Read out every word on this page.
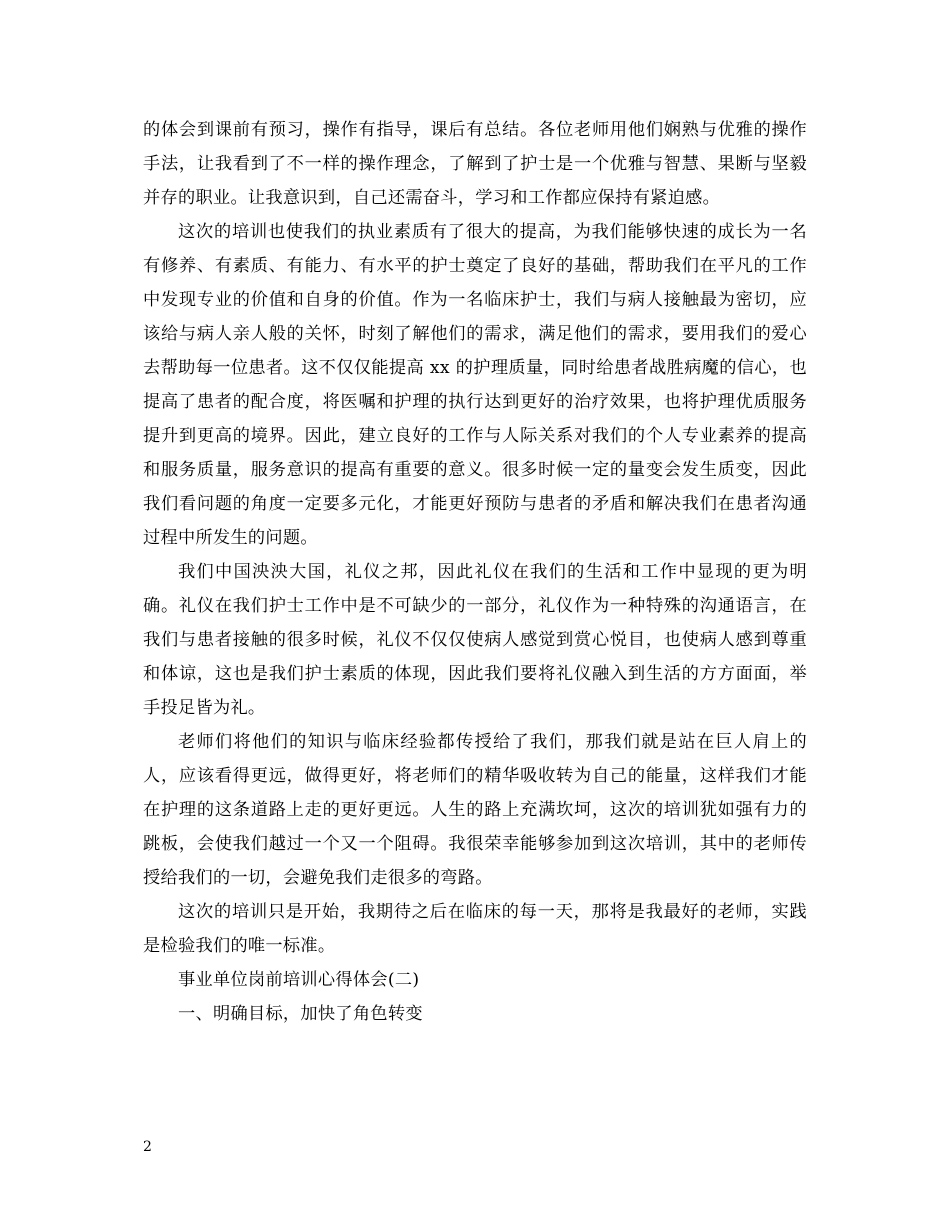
的体会到课前有预习，操作有指导，课后有总结。各位老师用他们娴熟与优雅的操作手法，让我看到了不一样的操作理念，了解到了护士是一个优雅与智慧、果断与坚毅并存的职业。让我意识到，自己还需奋斗，学习和工作都应保持有紧迫感。

这次的培训也使我们的执业素质有了很大的提高，为我们能够快速的成长为一名有修养、有素质、有能力、有水平的护士奠定了良好的基础，帮助我们在平凡的工作中发现专业的价值和自身的价值。作为一名临床护士，我们与病人接触最为密切，应该给与病人亲人般的关怀，时刻了解他们的需求，满足他们的需求，要用我们的爱心去帮助每一位患者。这不仅仅能提高 xx 的护理质量，同时给患者战胜病魔的信心，也提高了患者的配合度，将医嘱和护理的执行达到更好的治疗效果，也将护理优质服务提升到更高的境界。因此，建立良好的工作与人际关系对我们的个人专业素养的提高和服务质量，服务意识的提高有重要的意义。很多时候一定的量变会发生质变，因此我们看问题的角度一定要多元化，才能更好预防与患者的矛盾和解决我们在患者沟通过程中所发生的问题。

我们中国泱泱大国，礼仪之邦，因此礼仪在我们的生活和工作中显现的更为明确。礼仪在我们护士工作中是不可缺少的一部分，礼仪作为一种特殊的沟通语言，在我们与患者接触的很多时候，礼仪不仅仅使病人感觉到赏心悦目，也使病人感到尊重和体谅，这也是我们护士素质的体现，因此我们要将礼仪融入到生活的方方面面，举手投足皆为礼。

老师们将他们的知识与临床经验都传授给了我们，那我们就是站在巨人肩上的人，应该看得更远，做得更好，将老师们的精华吸收转为自己的能量，这样我们才能在护理的这条道路上走的更好更远。人生的路上充满坎坷，这次的培训犹如强有力的跳板，会使我们越过一个又一个阻碍。我很荣幸能够参加到这次培训，其中的老师传授给我们的一切，会避免我们走很多的弯路。

这次的培训只是开始，我期待之后在临床的每一天，那将是我最好的老师，实践是检验我们的唯一标准。

事业单位岗前培训心得体会(二)

一、明确目标，加快了角色转变

2
